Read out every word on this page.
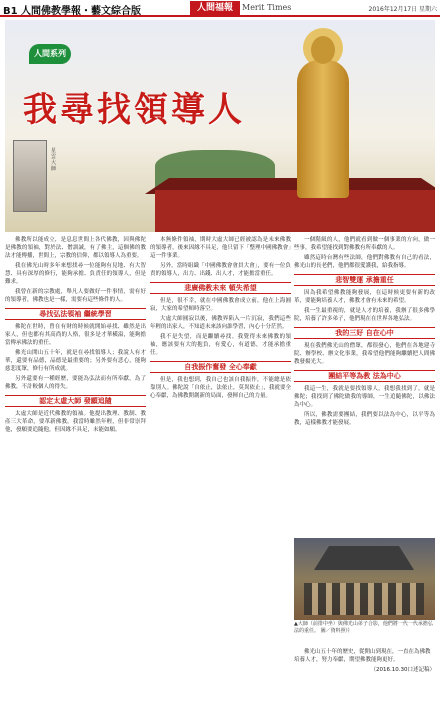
B1 人間佛教學報・藝文綜合版	人間福報	Merit Times	2016年12月17日 星期六
人間系列
我尋找領導人
星雲大師

佛教所以能成立，是息息世間上各代佛教，因與佛陀是佛教的領袖，對於法、僧訓誡，有了佛主，這個佛的教法才能傳播，世間上，宗教的信仰，都以領導人為重要。

我在佛光山時多年來想找尋一位能夠有見地、有大智慧、具有深厚的修行，能夠承擔、負責任的領導人，但是難求。

我曾在新的宗教處，舉凡人要做好一件事情，需有好的領導者，佛教也是一樣，需要有這些條件的人。

尋找弘法領袖 繼統學習

佛陀在世時，曾在有財的時候就開始尋找、雖然是出家人，但也都有其高尚的人格，很多是才華橫溢，能夠擔當傳承佛法的重任。

佛光山開山五十年，就是在尋找領導人；我說人有才華，還要有品德，品德是最重要的；另外要有悲心，能夠慈悲度眾，修行有所成就。

另外還要有一種經歷，要能為弘法而有所奉獻，為了佛教，不計較個人的得失。

認定太虛大師 發願追隨

太虛大師是近代佛教的領袖。他提出教理、教制、教產三大革命，要革新佛教。我當時雖然年輕，但非常崇拜他，發願要追隨他，但因緣不具足，未能如願。

本無條件領袖，期時大虛大師已經被認為是未來佛教的領導者，後來因緣不具足，他只留下「整理中國佛教會」這一件事業。

另外，當時組織「中國佛教會會員大會」，要有一位負責的領導人，出力、出錢、出人才，才能擔當重任。

悲廣佛教未來 頓失希望

但是，很不幸，就在中國佛教會成立前，他在上海圓寂，大家的希望頓時落空。

大虛大師圓寂以後，佛教界陷入一片沉寂，我們這些年輕的出家人，不知道未來該向誰學習，內心十分茫然。

我不是失望，而是繼續尋找。我覺得未來佛教的領袖，應該要有大的抱負，有愛心，有道德，才能承擔重任。

自我振作奮發 全心奉獻

但是，我也想到，我自己也該自我振作，不能總是依靠別人。佛陀說「自依止，法依止，莫異依止」，我就要全心奉獻，為佛教開創新的局面，發揮自己的力量。

一個階級的人，他們就看到做一個事業的方向，做一些事，我希望能找到對佛教有所奉獻的人。

雖然這時台灣有些法師，他們對佛教有自己的看法，佛光山的長老們，他們都很愛護我，給我指導。

悲智雙運 承擔重任

因為我希望佛教能夠發展，在這時候更要有新的改革，要能夠培養人才，佛教才會有未來的希望。

我一生最重視的，就是人才的培養，我辦了很多佛學院，培養了許多弟子，他們現在在世界各地弘法。

我的三好 自在心中

現在我們佛光山的僧眾，都很發心，他們在各地建寺院、辦學校、辦文化事業，我希望他們能夠繼續把人間佛教發揚光大。

團結平等為教 法為中心

我這一生，我就是要找領導人，我想我找到了，就是佛陀；我找到了佛陀做我的導師，一生追隨佛陀，以佛法為中心。

所以，佛教需要團結，我們要以法為中心，以平等為教，這樣佛教才能發展。

▲大師（前排中坐）與佛光山弟子合影，他們將一代一代承擔弘法的重任。 圖／資料照片

佛光山五十年的歷史，從開山到現在，一直在為佛教培養人才，努力奉獻，期望佛教能夠更好。

（2016.10.30口述記稿）
